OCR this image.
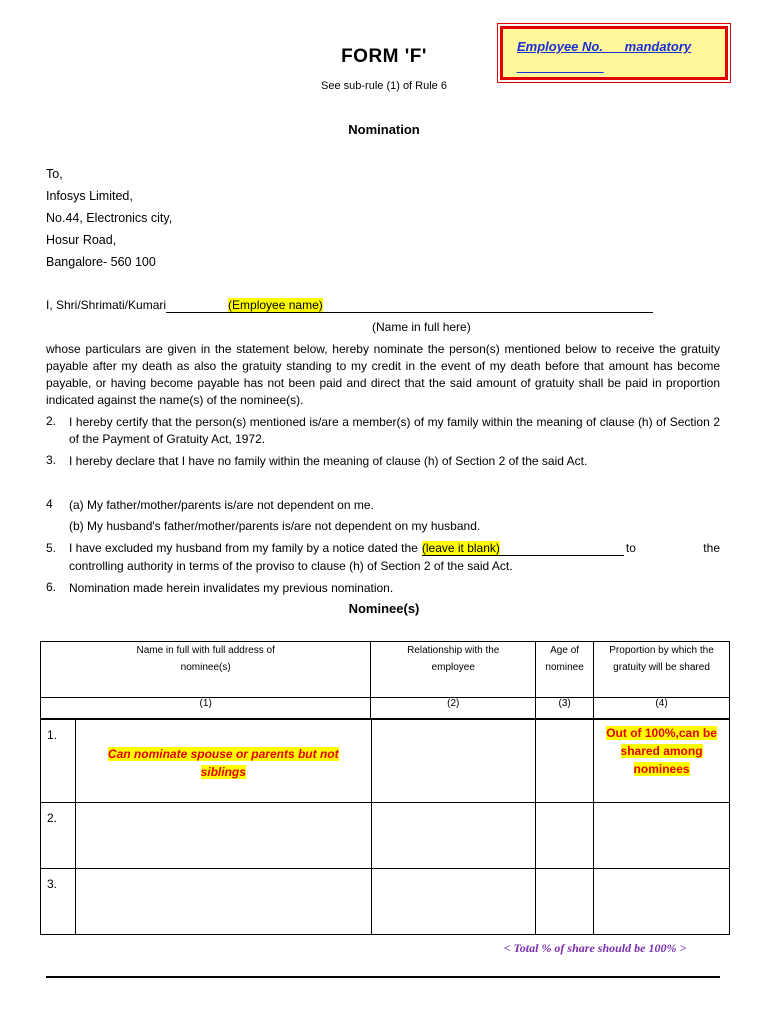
FORM 'F'
See sub-rule (1) of Rule 6
Employee No. __ mandatory ____________
Nomination
To,
Infosys Limited,
No.44, Electronics city,
Hosur Road,
Bangalore- 560 100
I, Shri/Shrimati/Kumari	(Employee name)
(Name in full here)
whose particulars are given in the statement below, hereby nominate the person(s) mentioned below to receive the gratuity payable after my death as also the gratuity standing to my credit in the event of my death before that amount has become payable, or having become payable has not been paid and direct that the said amount of gratuity shall be paid in proportion indicated against the name(s) of the nominee(s).
2. I hereby certify that the person(s) mentioned is/are a member(s) of my family within the meaning of clause (h) of Section 2 of the Payment of Gratuity Act, 1972.
3. I hereby declare that I have no family within the meaning of clause (h) of Section 2 of the said Act.
4 (a) My father/mother/parents is/are not dependent on me.
(b) My husband's father/mother/parents is/are not dependent on my husband.
5. I have excluded my husband from my family by a notice dated the (leave it blank)	to the
controlling authority in terms of the proviso to clause (h) of Section 2 of the said Act.
6. Nomination made herein invalidates my previous nomination.
Nominee(s)
Name in full with full address of nominee(s)	Relationship with the employee	Age of nominee	Proportion by which the gratuity will be shared

(1)	(2)	(3)	(4)
1.	Can nominate spouse or parents but not siblings			Out of 100%,can be shared among nominees

2.				
3.				
< Total % of share should be 100% >
